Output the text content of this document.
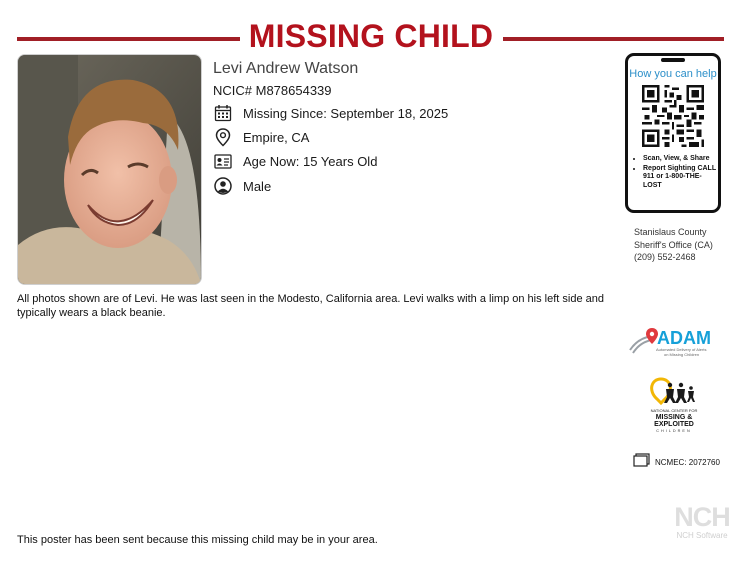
MISSING CHILD
Levi Andrew Watson
NCIC# M878654339
Missing Since: September 18, 2025
Empire, CA
Age Now: 15 Years Old
Male
How you can help
• Scan, View, & Share
• Report Sighting CALL 911 or 1-800-THE-LOST
Stanislaus County
Sheriff's Office (CA)
(209) 552-2468
All photos shown are of Levi. He was last seen in the Modesto, California area. Levi walks with a limp on his left side and typically wears a black beanie.
ADAM
Automated Delivery of Alerts
on Missing Children
NATIONAL CENTER FOR
MISSING &
EXPLOITED
CHILDREN
NCMEC: 2072760
This poster has been sent because this missing child may be in your area.
NCH
NCH Software
